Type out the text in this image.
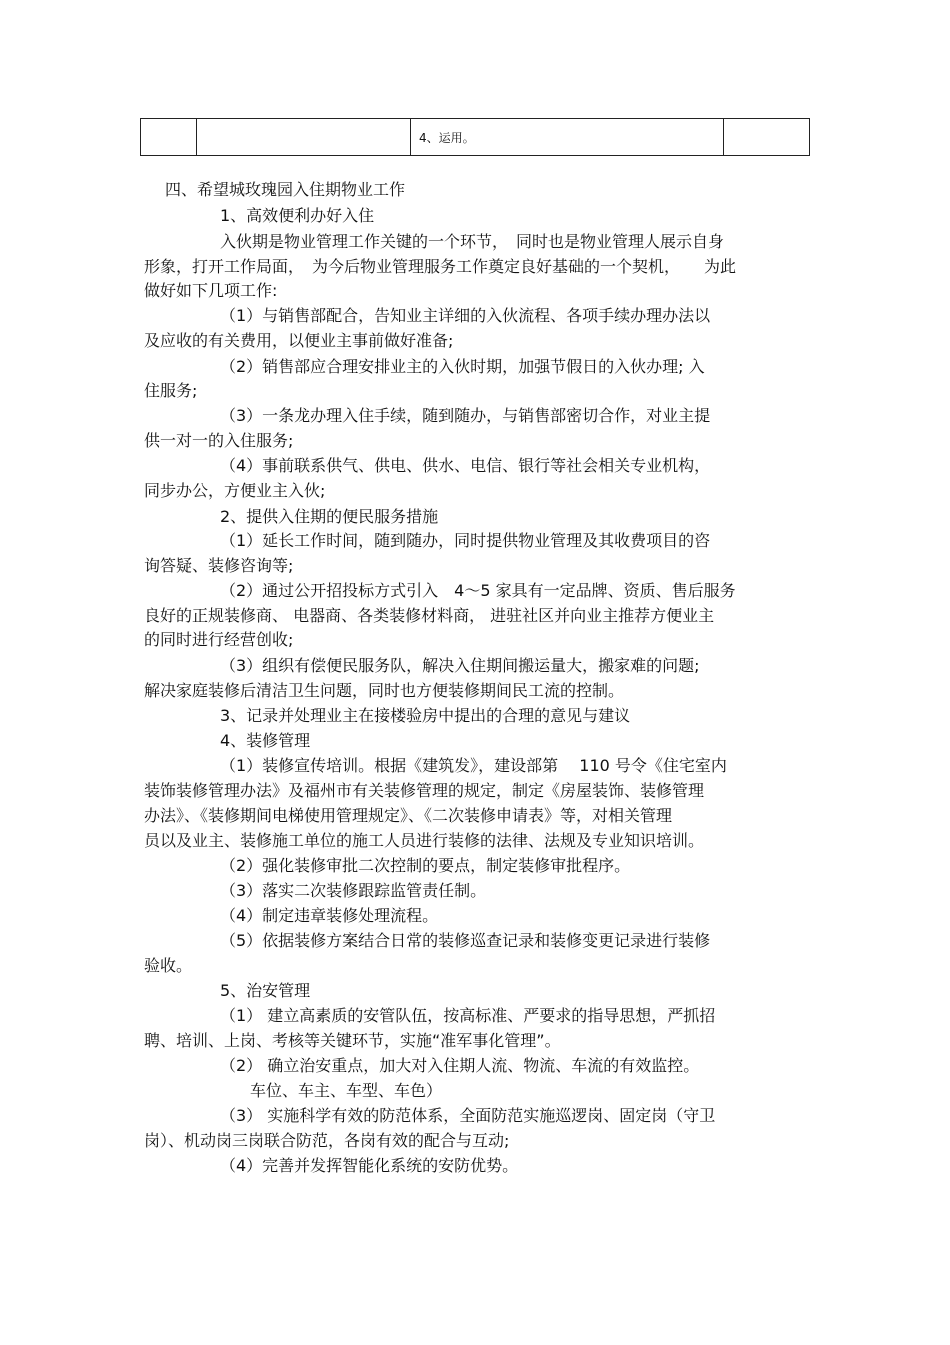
		4、运用。	
四、希望城玫瑰园入住期物业工作
1、高效便利办好入住
入伙期是物业管理工作关键的一个环节，　同时也是物业管理人展示自身
形象，打开工作局面，　为今后物业管理服务工作奠定良好基础的一个契机，　　为此
做好如下几项工作:
（1）与销售部配合，告知业主详细的入伙流程、各项手续办理办法以
及应收的有关费用，以便业主事前做好准备;
（2）销售部应合理安排业主的入伙时期，加强节假日的入伙办理; 入
住服务;
（3）一条龙办理入住手续，随到随办，与销售部密切合作，对业主提
供一对一的入住服务;
（4）事前联系供气、供电、供水、电信、银行等社会相关专业机构，
同步办公，方便业主入伙;
2、提供入住期的便民服务措施
（1）延长工作时间，随到随办，同时提供物业管理及其收费项目的咨
询答疑、装修咨询等;
（2）通过公开招投标方式引入　4～5 家具有一定品牌、资质、售后服务
良好的正规装修商、 电器商、各类装修材料商， 进驻社区并向业主推荐方便业主
的同时进行经营创收;
（3）组织有偿便民服务队，解决入住期间搬运量大，搬家难的问题;
解决家庭装修后清洁卫生问题，同时也方便装修期间民工流的控制。
3、记录并处理业主在接楼验房中提出的合理的意见与建议
4、装修管理
（1）装修宣传培训。根据《建筑发》，建设部第　 110 号令《住宅室内
装饰装修管理办法》及福州市有关装修管理的规定，制定《房屋装饰、装修管理
办法》、《装修期间电梯使用管理规定》、《二次装修申请表》等，对相关管理
员以及业主、装修施工单位的施工人员进行装修的法律、法规及专业知识培训。
（2）强化装修审批二次控制的要点，制定装修审批程序。
（3）落实二次装修跟踪监管责任制。
（4）制定违章装修处理流程。
（5）依据装修方案结合日常的装修巡查记录和装修变更记录进行装修
验收。
5、治安管理
（1） 建立高素质的安管队伍，按高标准、严要求的指导思想，严抓招
聘、培训、上岗、考核等关键环节，实施“准军事化管理”。
（2） 确立治安重点，加大对入住期人流、物流、车流的有效监控。
车位、车主、车型、车色）
（3） 实施科学有效的防范体系，全面防范实施巡逻岗、固定岗（守卫
岗）、机动岗三岗联合防范，各岗有效的配合与互动;
（4）完善并发挥智能化系统的安防优势。
